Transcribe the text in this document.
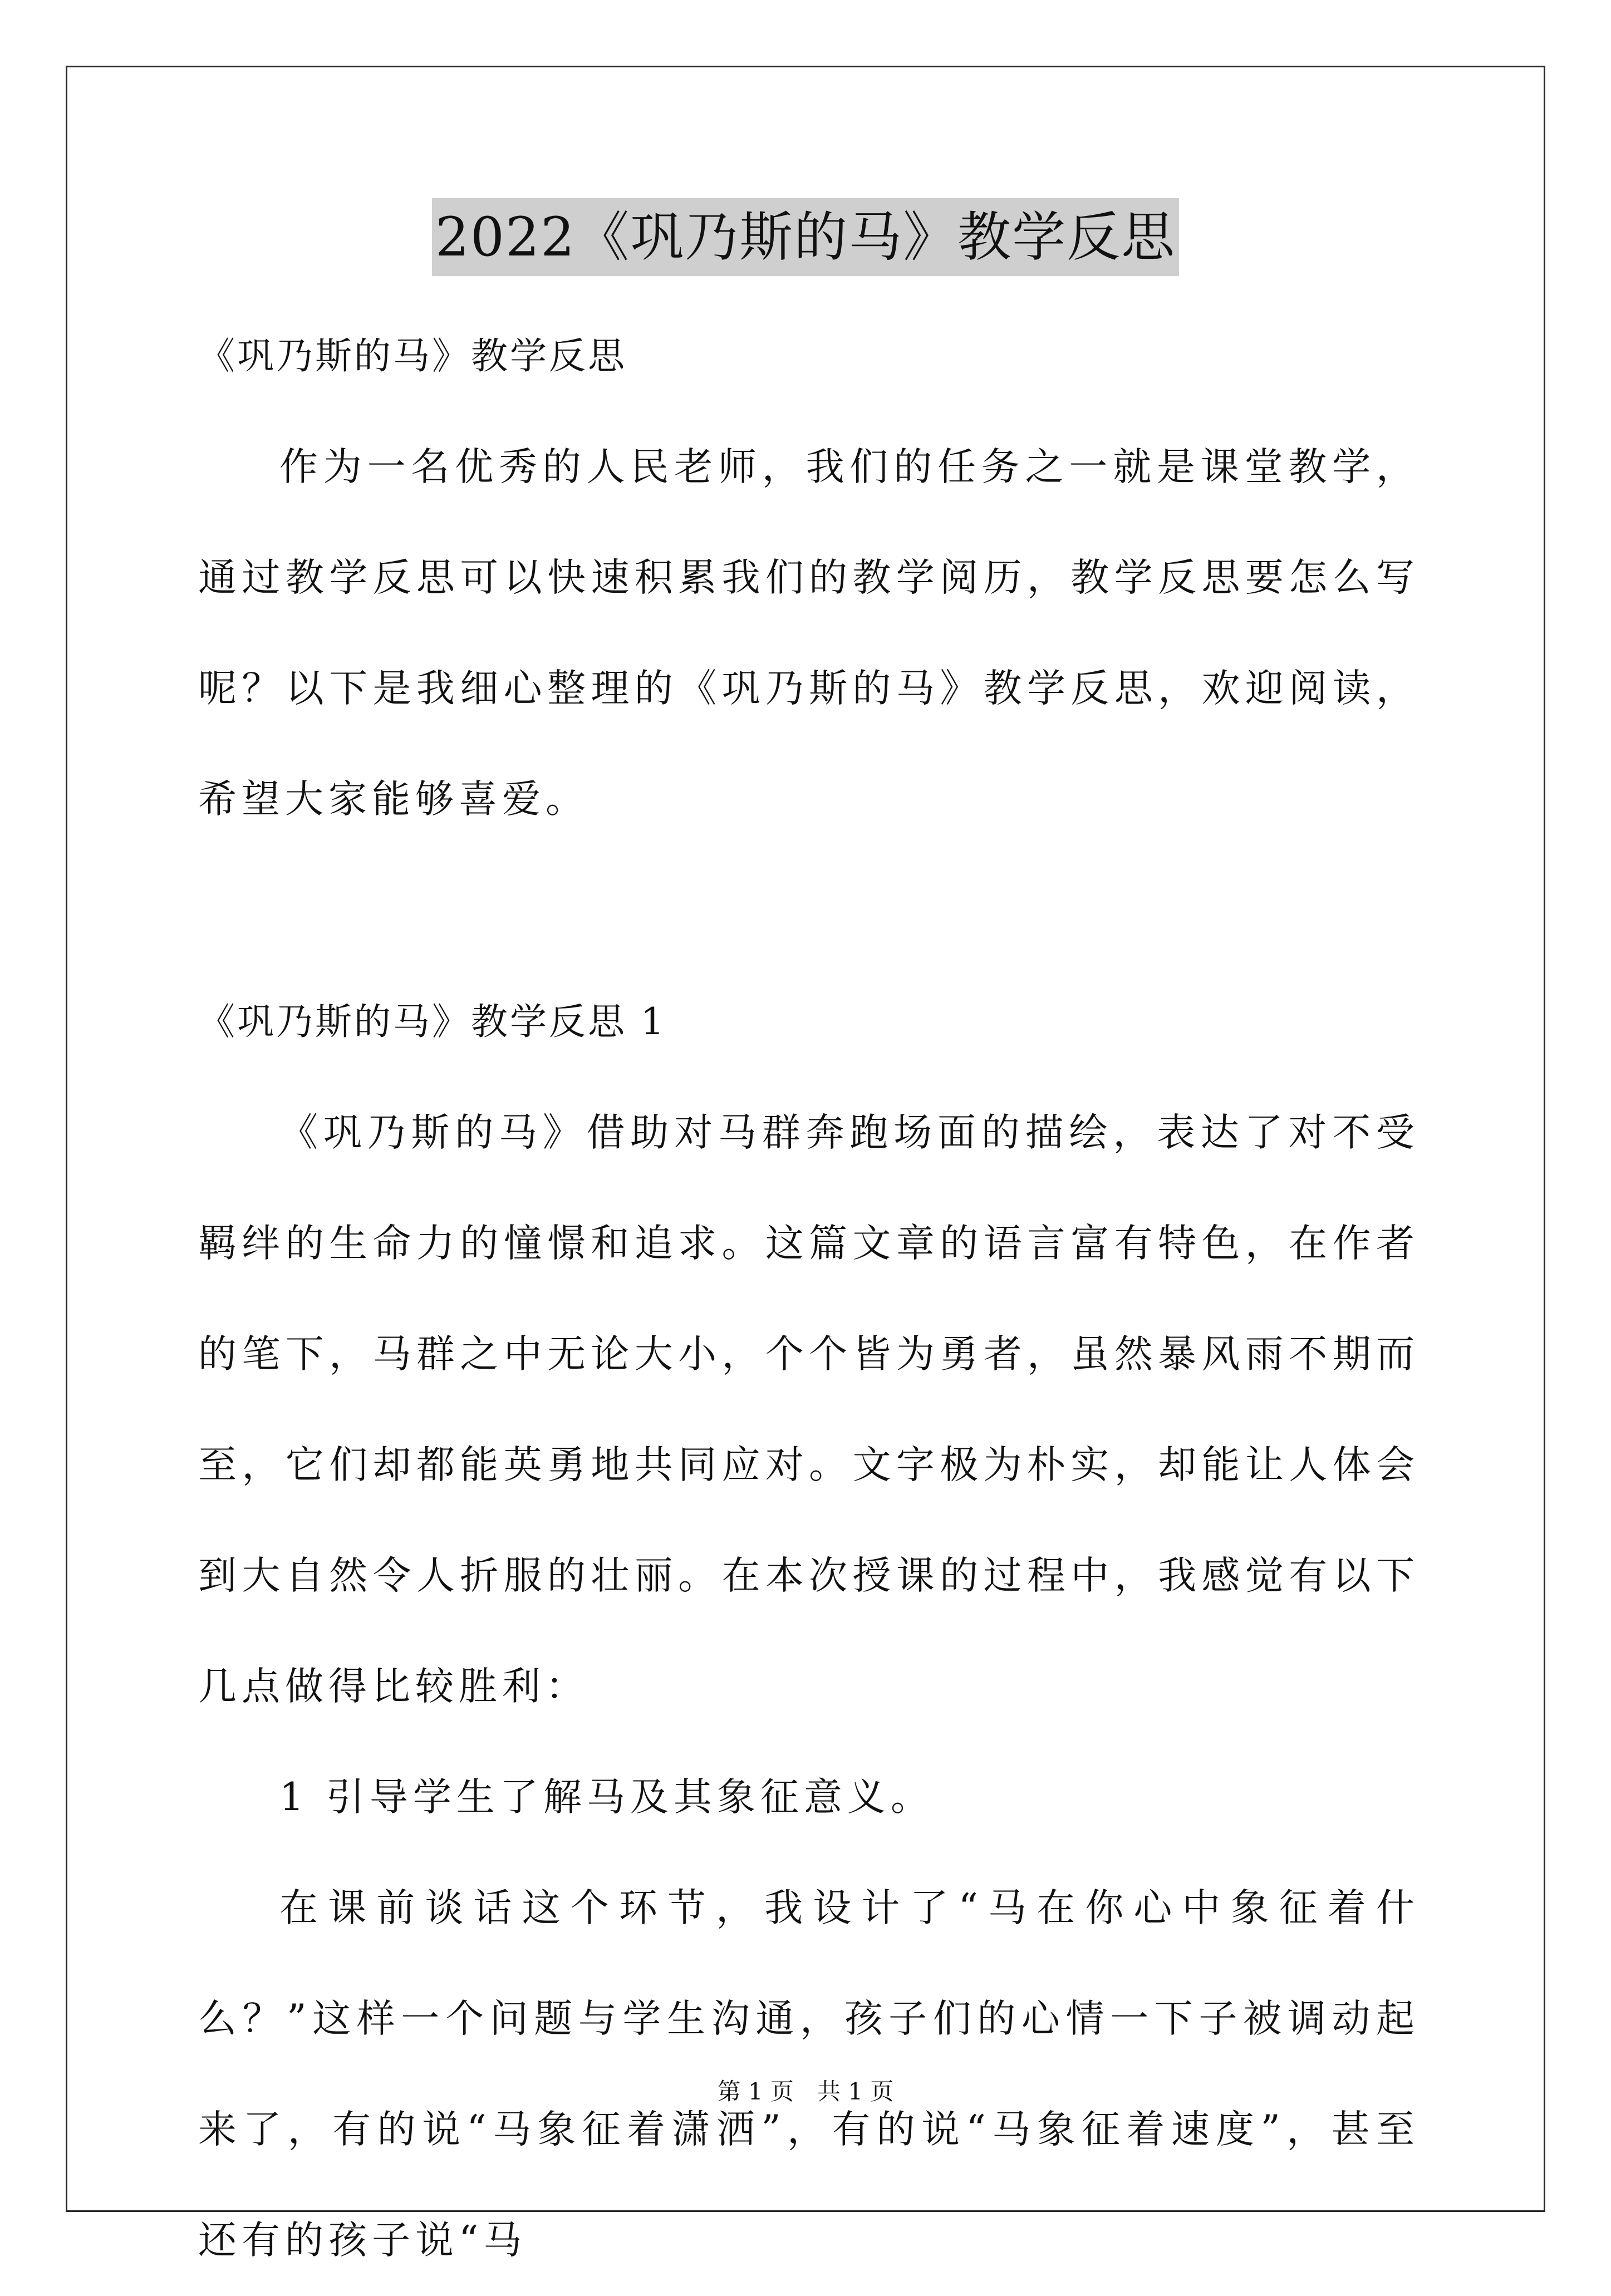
2022《巩乃斯的马》教学反思

《巩乃斯的马》教学反思

作为一名优秀的人民老师，我们的任务之一就是课堂教学，通过教学反思可以快速积累我们的教学阅历，教学反思要怎么写呢？以下是我细心整理的《巩乃斯的马》教学反思，欢迎阅读，希望大家能够喜爱。

《巩乃斯的马》教学反思 1

《巩乃斯的马》借助对马群奔跑场面的描绘，表达了对不受羁绊的生命力的憧憬和追求。这篇文章的语言富有特色，在作者的笔下，马群之中无论大小，个个皆为勇者，虽然暴风雨不期而至，它们却都能英勇地共同应对。文字极为朴实，却能让人体会到大自然令人折服的壮丽。在本次授课的过程中，我感觉有以下几点做得比较胜利：

1 引导学生了解马及其象征意义。

在课前谈话这个环节，我设计了“马在你心中象征着什么？”这样一个问题与学生沟通，孩子们的心情一下子被调动起来了，有的说“马象征着潇洒”，有的说“马象征着速度”，甚至还有的孩子说“马

第 1 页 共 1 页
